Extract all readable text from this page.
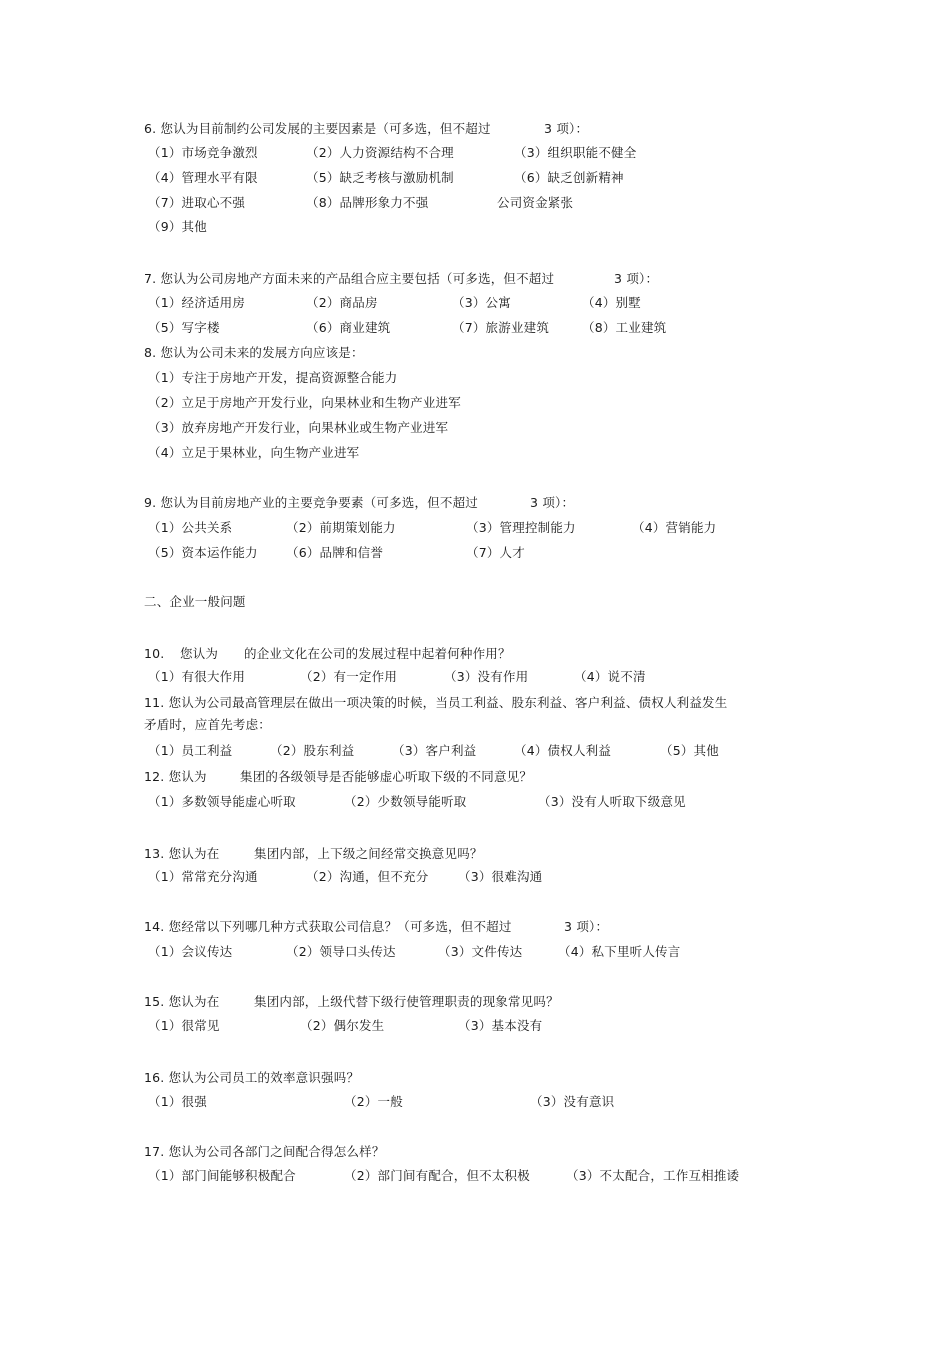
6. 您认为目前制约公司发展的主要因素是（可多选，但不超过	3 项）：
（1）市场竞争激烈	（2）人力资源结构不合理	（3）组织职能不健全
（4）管理水平有限	（5）缺乏考核与激励机制	（6）缺乏创新精神
（7）进取心不强	（8）品牌形象力不强	公司资金紧张
（9）其他
7. 您认为公司房地产方面未来的产品组合应主要包括（可多选，但不超过	3 项）：
（1）经济适用房	（2）商品房	（3）公寓	（4）别墅
（5）写字楼	（6）商业建筑	（7）旅游业建筑	（8）工业建筑
8. 您认为公司未来的发展方向应该是：
（1）专注于房地产开发，提高资源整合能力
（2）立足于房地产开发行业，向果林业和生物产业进军
（3）放弃房地产开发行业，向果林业或生物产业进军
（4）立足于果林业，向生物产业进军
9. 您认为目前房地产业的主要竞争要素（可多选，但不超过	3 项）：
（1）公共关系	（2）前期策划能力	（3）管理控制能力	（4）营销能力
（5）资本运作能力 （6）品牌和信誉	（7）人才
二、企业一般问题
10. 您认为 的企业文化在公司的发展过程中起着何种作用？
（1）有很大作用	（2）有一定作用	（3）没有作用	（4）说不清
11. 您认为公司最高管理层在做出一项决策的时候，当员工利益、股东利益、客户利益、债权人利益发生
矛盾时，应首先考虑：
（1）员工利益	（2）股东利益	（3）客户利益	（4）债权人利益	（5）其他
12. 您认为	集团的各级领导是否能够虚心听取下级的不同意见？
（1）多数领导能虚心听取	（2）少数领导能听取	（3）没有人听取下级意见
13. 您认为在	集团内部，上下级之间经常交换意见吗？
（1）常常充分沟通	（2）沟通，但不充分 （3）很难沟通
14. 您经常以下列哪几种方式获取公司信息？（可多选，但不超过	3 项）：
（1）会议传达	（2）领导口头传达	（3）文件传达	（4）私下里听人传言
15. 您认为在	集团内部，上级代替下级行使管理职责的现象常见吗？
（1）很常见	（2）偶尔发生	（3）基本没有
16. 您认为公司员工的效率意识强吗？
（1）很强	（2）一般	（3）没有意识
17. 您认为公司各部门之间配合得怎么样？
（1）部门间能够积极配合	（2）部门间有配合，但不太积极	（3）不太配合，工作互相推诿
